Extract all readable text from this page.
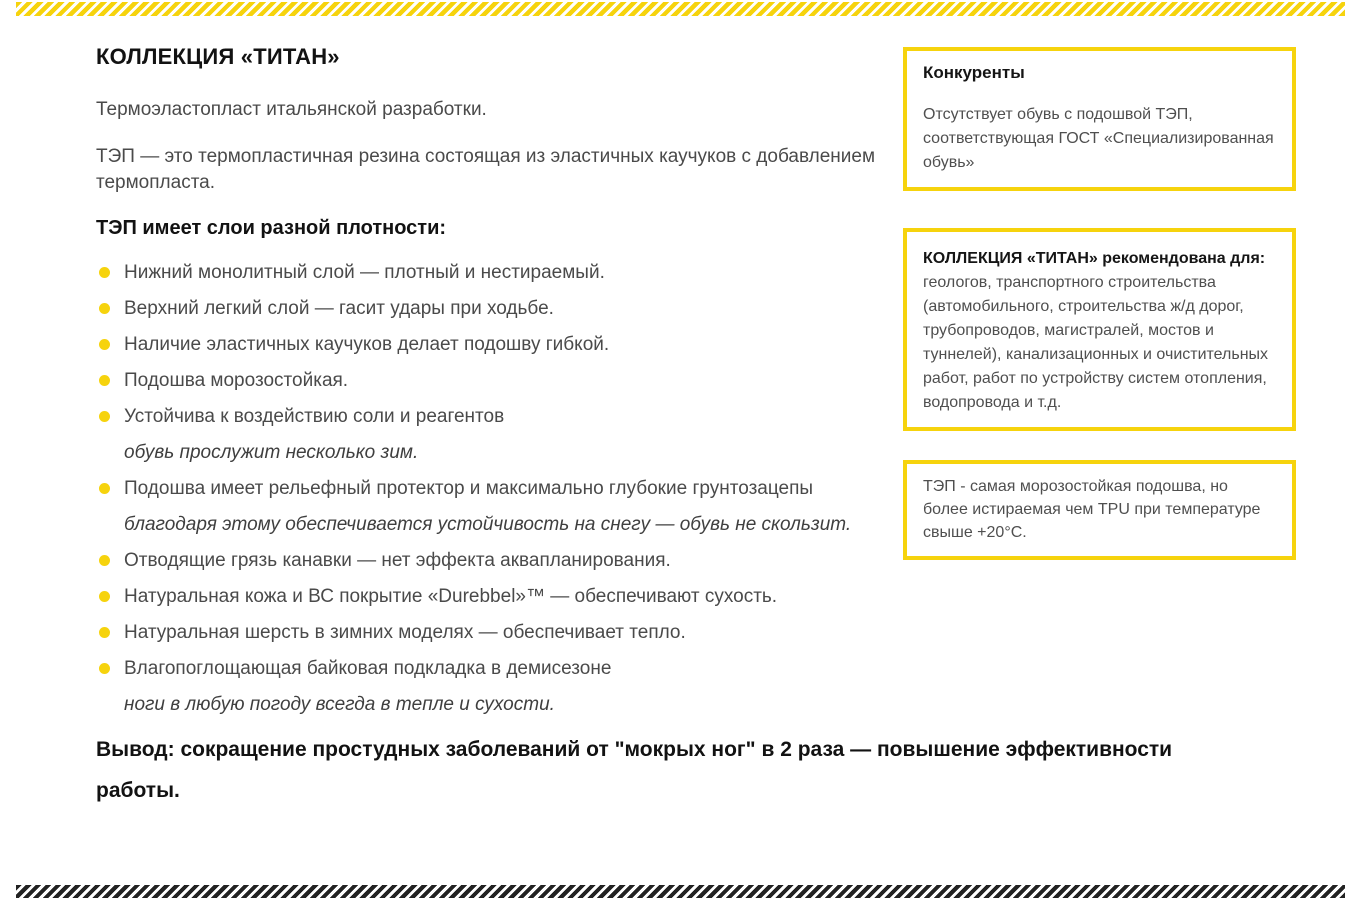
КОЛЛЕКЦИЯ «ТИТАН»

Термоэластопласт итальянской разработки.

ТЭП — это термопластичная резина состоящая из эластичных каучуков с добавлением термопласта.

ТЭП имеет слои разной плотности:
Нижний монолитный слой — плотный и нестираемый.
Верхний легкий слой — гасит удары при ходьбе.
Наличие эластичных каучуков делает подошву гибкой.
Подошва морозостойкая.
Устойчива к воздействию соли и реагентов
обувь прослужит несколько зим.
Подошва имеет рельефный протектор и максимально глубокие грунтозацепы
благодаря этому обеспечивается устойчивость на снегу — обувь не скользит.
Отводящие грязь канавки — нет эффекта аквапланирования.
Натуральная кожа и ВС покрытие «Durebbel»™ — обеспечивают сухость.
Натуральная шерсть в зимних моделях — обеспечивает тепло.
Влагопоглощающая байковая подкладка в демисезоне
ноги в любую погоду всегда в тепле и сухости.

Вывод: сокращение простудных заболеваний от "мокрых ног" в 2 раза — повышение эффективности работы.

Конкуренты

Отсутствует обувь с подошвой ТЭП, соответствующая ГОСТ «Специализированная обувь»

КОЛЛЕКЦИЯ «ТИТАН» рекомендована для: геологов, транспортного строительства (автомобильного, строительства ж/д дорог, трубопроводов, магистралей, мостов и туннелей), канализационных и очистительных работ, работ по устройству систем отопления, водопровода и т.д.

ТЭП - самая морозостойкая подошва, но более истираемая чем TPU при температуре свыше +20°C.
